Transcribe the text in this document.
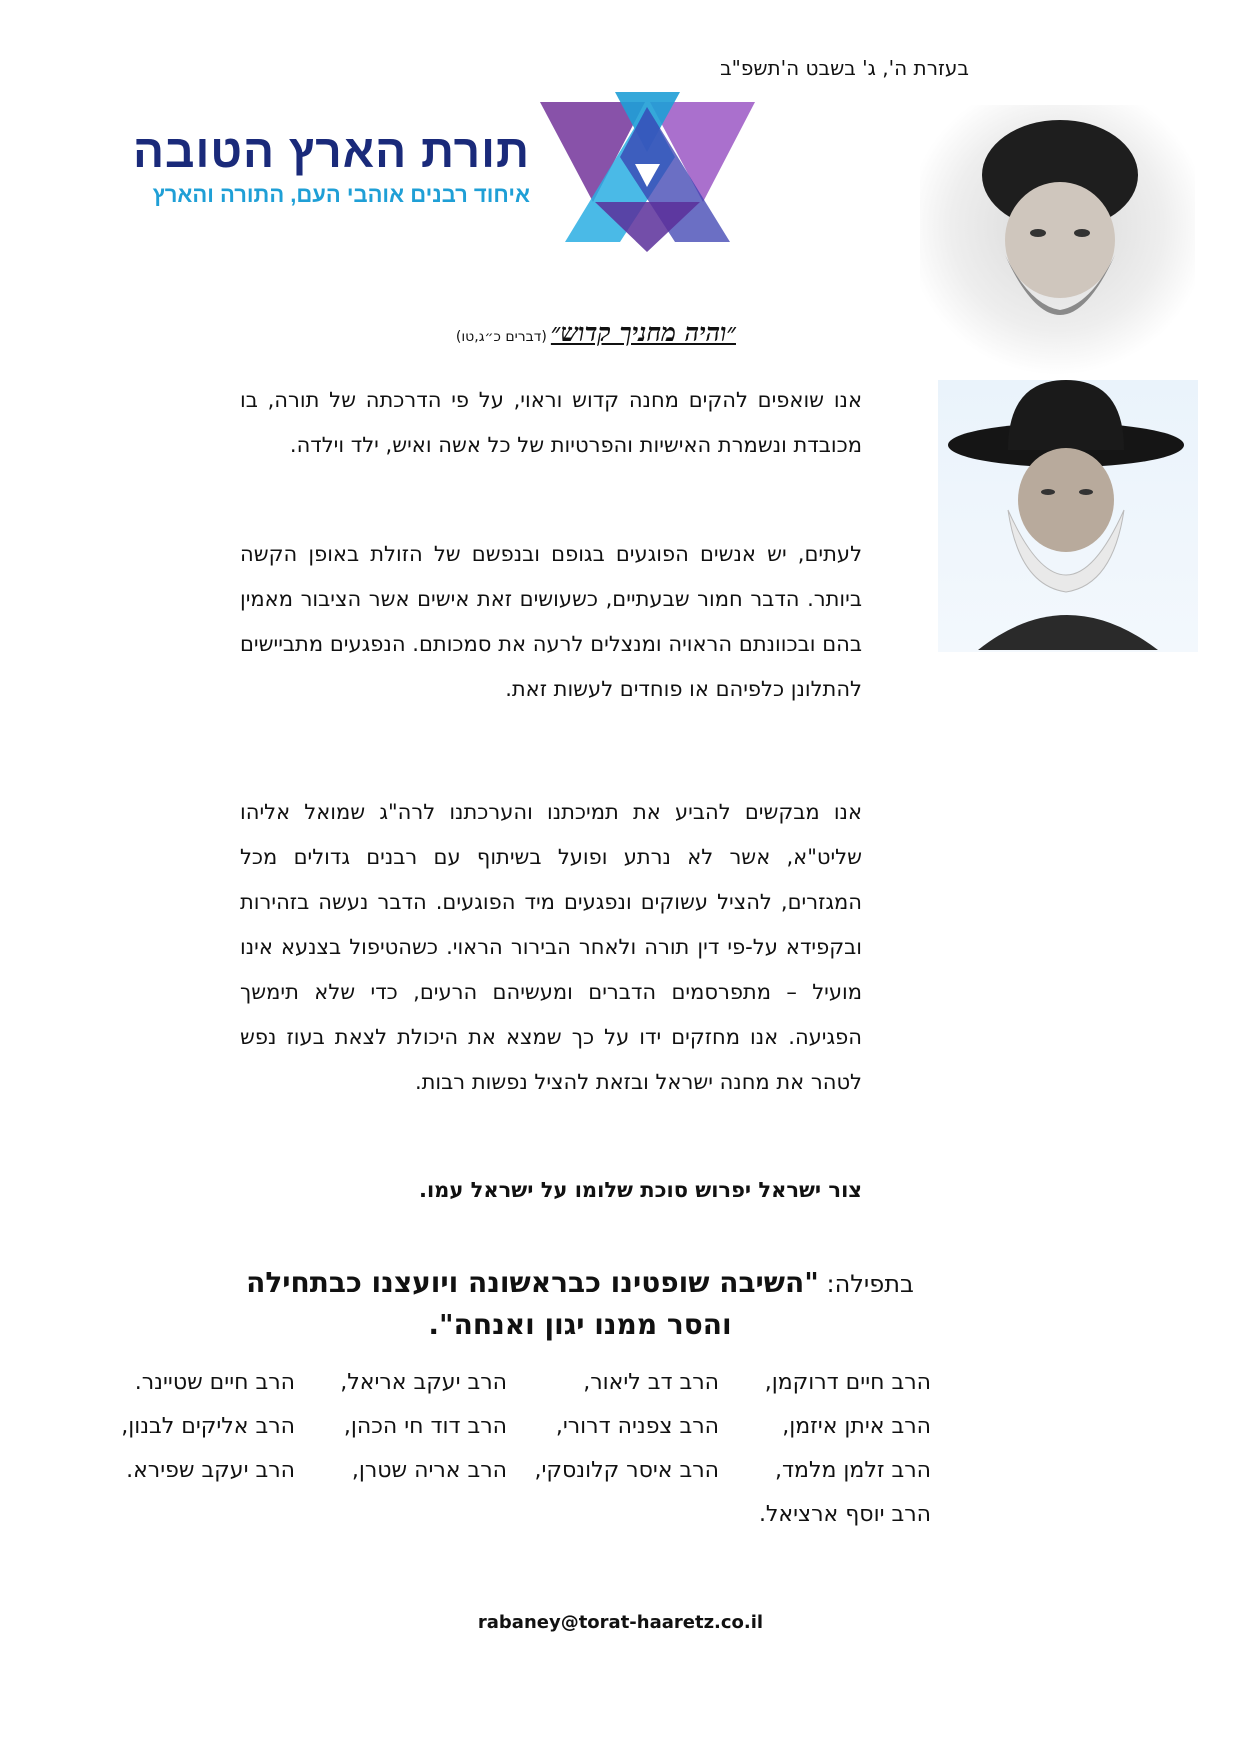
בעזרת ה', ג' בשבט ה'תשפ"ב
תורת הארץ הטובה
איחוד רבנים אוהבי העם, התורה והארץ
״והיה מחניך קדוש״(דברים כ״ג,טו)
אנו שואפים להקים מחנה קדוש וראוי, על פי הדרכתה של תורה, בו מכובדת ונשמרת האישיות והפרטיות של כל אשה ואיש, ילד וילדה.
לעתים, יש אנשים הפוגעים בגופם ובנפשם של הזולת באופן הקשה ביותר. הדבר חמור שבעתיים, כשעושים זאת אישים אשר הציבור מאמין בהם ובכוונתם הראויה ומנצלים לרעה את סמכותם. הנפגעים מתביישים להתלונן כלפיהם או פוחדים לעשות זאת.
אנו מבקשים להביע את תמיכתנו והערכתנו לרה"ג שמואל אליהו שליט"א, אשר לא נרתע ופועל בשיתוף עם רבנים גדולים מכל המגזרים, להציל עשוקים ונפגעים מיד הפוגעים. הדבר נעשה בזהירות ובקפידא על-פי דין תורה ולאחר הבירור הראוי. כשהטיפול בצנעא אינו מועיל – מתפרסמים הדברים ומעשיהם הרעים, כדי שלא תימשך הפגיעה. אנו מחזקים ידו על כך שמצא את היכולת לצאת בעוז נפש לטהר את מחנה ישראל ובזאת להציל נפשות רבות.
צור ישראל יפרוש סוכת שלומו על ישראל עמו.
בתפילה: "השיבה שופטינו כבראשונה ויועצנו כבתחילה והסר ממנו יגון ואנחה".
הרב חיים דרוקמן,
הרב דב ליאור,
הרב יעקב אריאל,
הרב חיים שטיינר.
הרב איתן איזמן,
הרב צפניה דרורי,
הרב דוד חי הכהן,
הרב אליקים לבנון,
הרב זלמן מלמד,
הרב איסר קלונסקי,
הרב אריה שטרן,
הרב יעקב שפירא.
הרב יוסף ארציאל.
rabaney@torat-haaretz.co.il
